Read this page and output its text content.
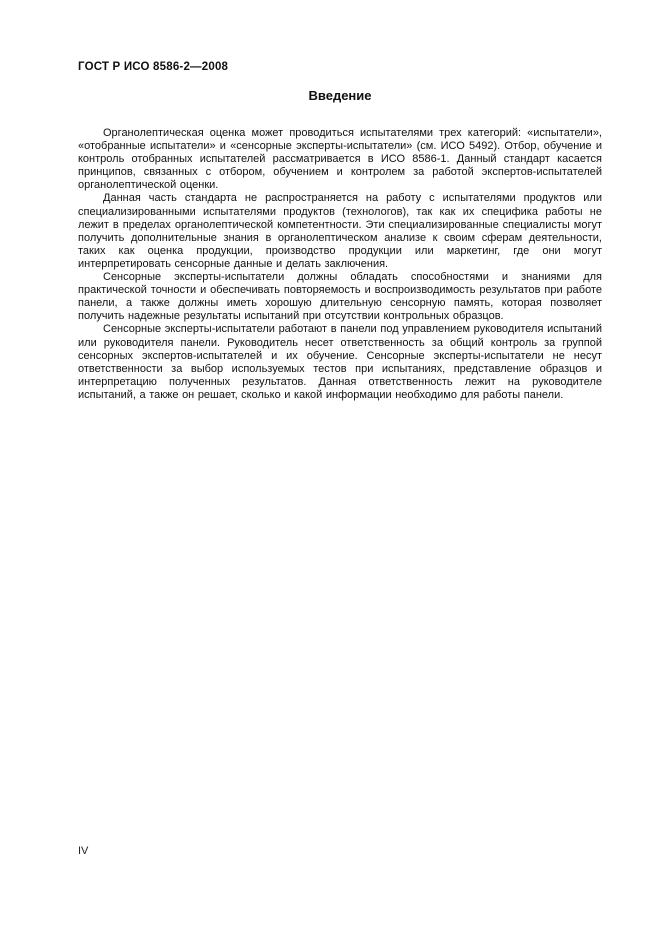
ГОСТ Р ИСО 8586-2—2008
Введение

Органолептическая оценка может проводиться испытателями трех категорий: «испытатели», «отобранные испытатели» и «сенсорные эксперты-испытатели» (см. ИСО 5492). Отбор, обучение и контроль отобранных испытателей рассматривается в ИСО 8586-1. Данный стандарт касается принципов, связанных с отбором, обучением и контролем за работой экспертов-испытателей органолептической оценки.

Данная часть стандарта не распространяется на работу с испытателями продуктов или специализированными испытателями продуктов (технологов), так как их специфика работы не лежит в пределах органолептической компетентности. Эти специализированные специалисты могут получить дополнительные знания в органолептическом анализе к своим сферам деятельности, таких как оценка продукции, производство продукции или маркетинг, где они могут интерпретировать сенсорные данные и делать заключения.

Сенсорные эксперты-испытатели должны обладать способностями и знаниями для практической точности и обеспечивать повторяемость и воспроизводимость результатов при работе панели, а также должны иметь хорошую длительную сенсорную память, которая позволяет получить надежные результаты испытаний при отсутствии контрольных образцов.

Сенсорные эксперты-испытатели работают в панели под управлением руководителя испытаний или руководителя панели. Руководитель несет ответственность за общий контроль за группой сенсорных экспертов-испытателей и их обучение. Сенсорные эксперты-испытатели не несут ответственности за выбор используемых тестов при испытаниях, представление образцов и интерпретацию полученных результатов. Данная ответственность лежит на руководителе испытаний, а также он решает, сколько и какой информации необходимо для работы панели.

IV
